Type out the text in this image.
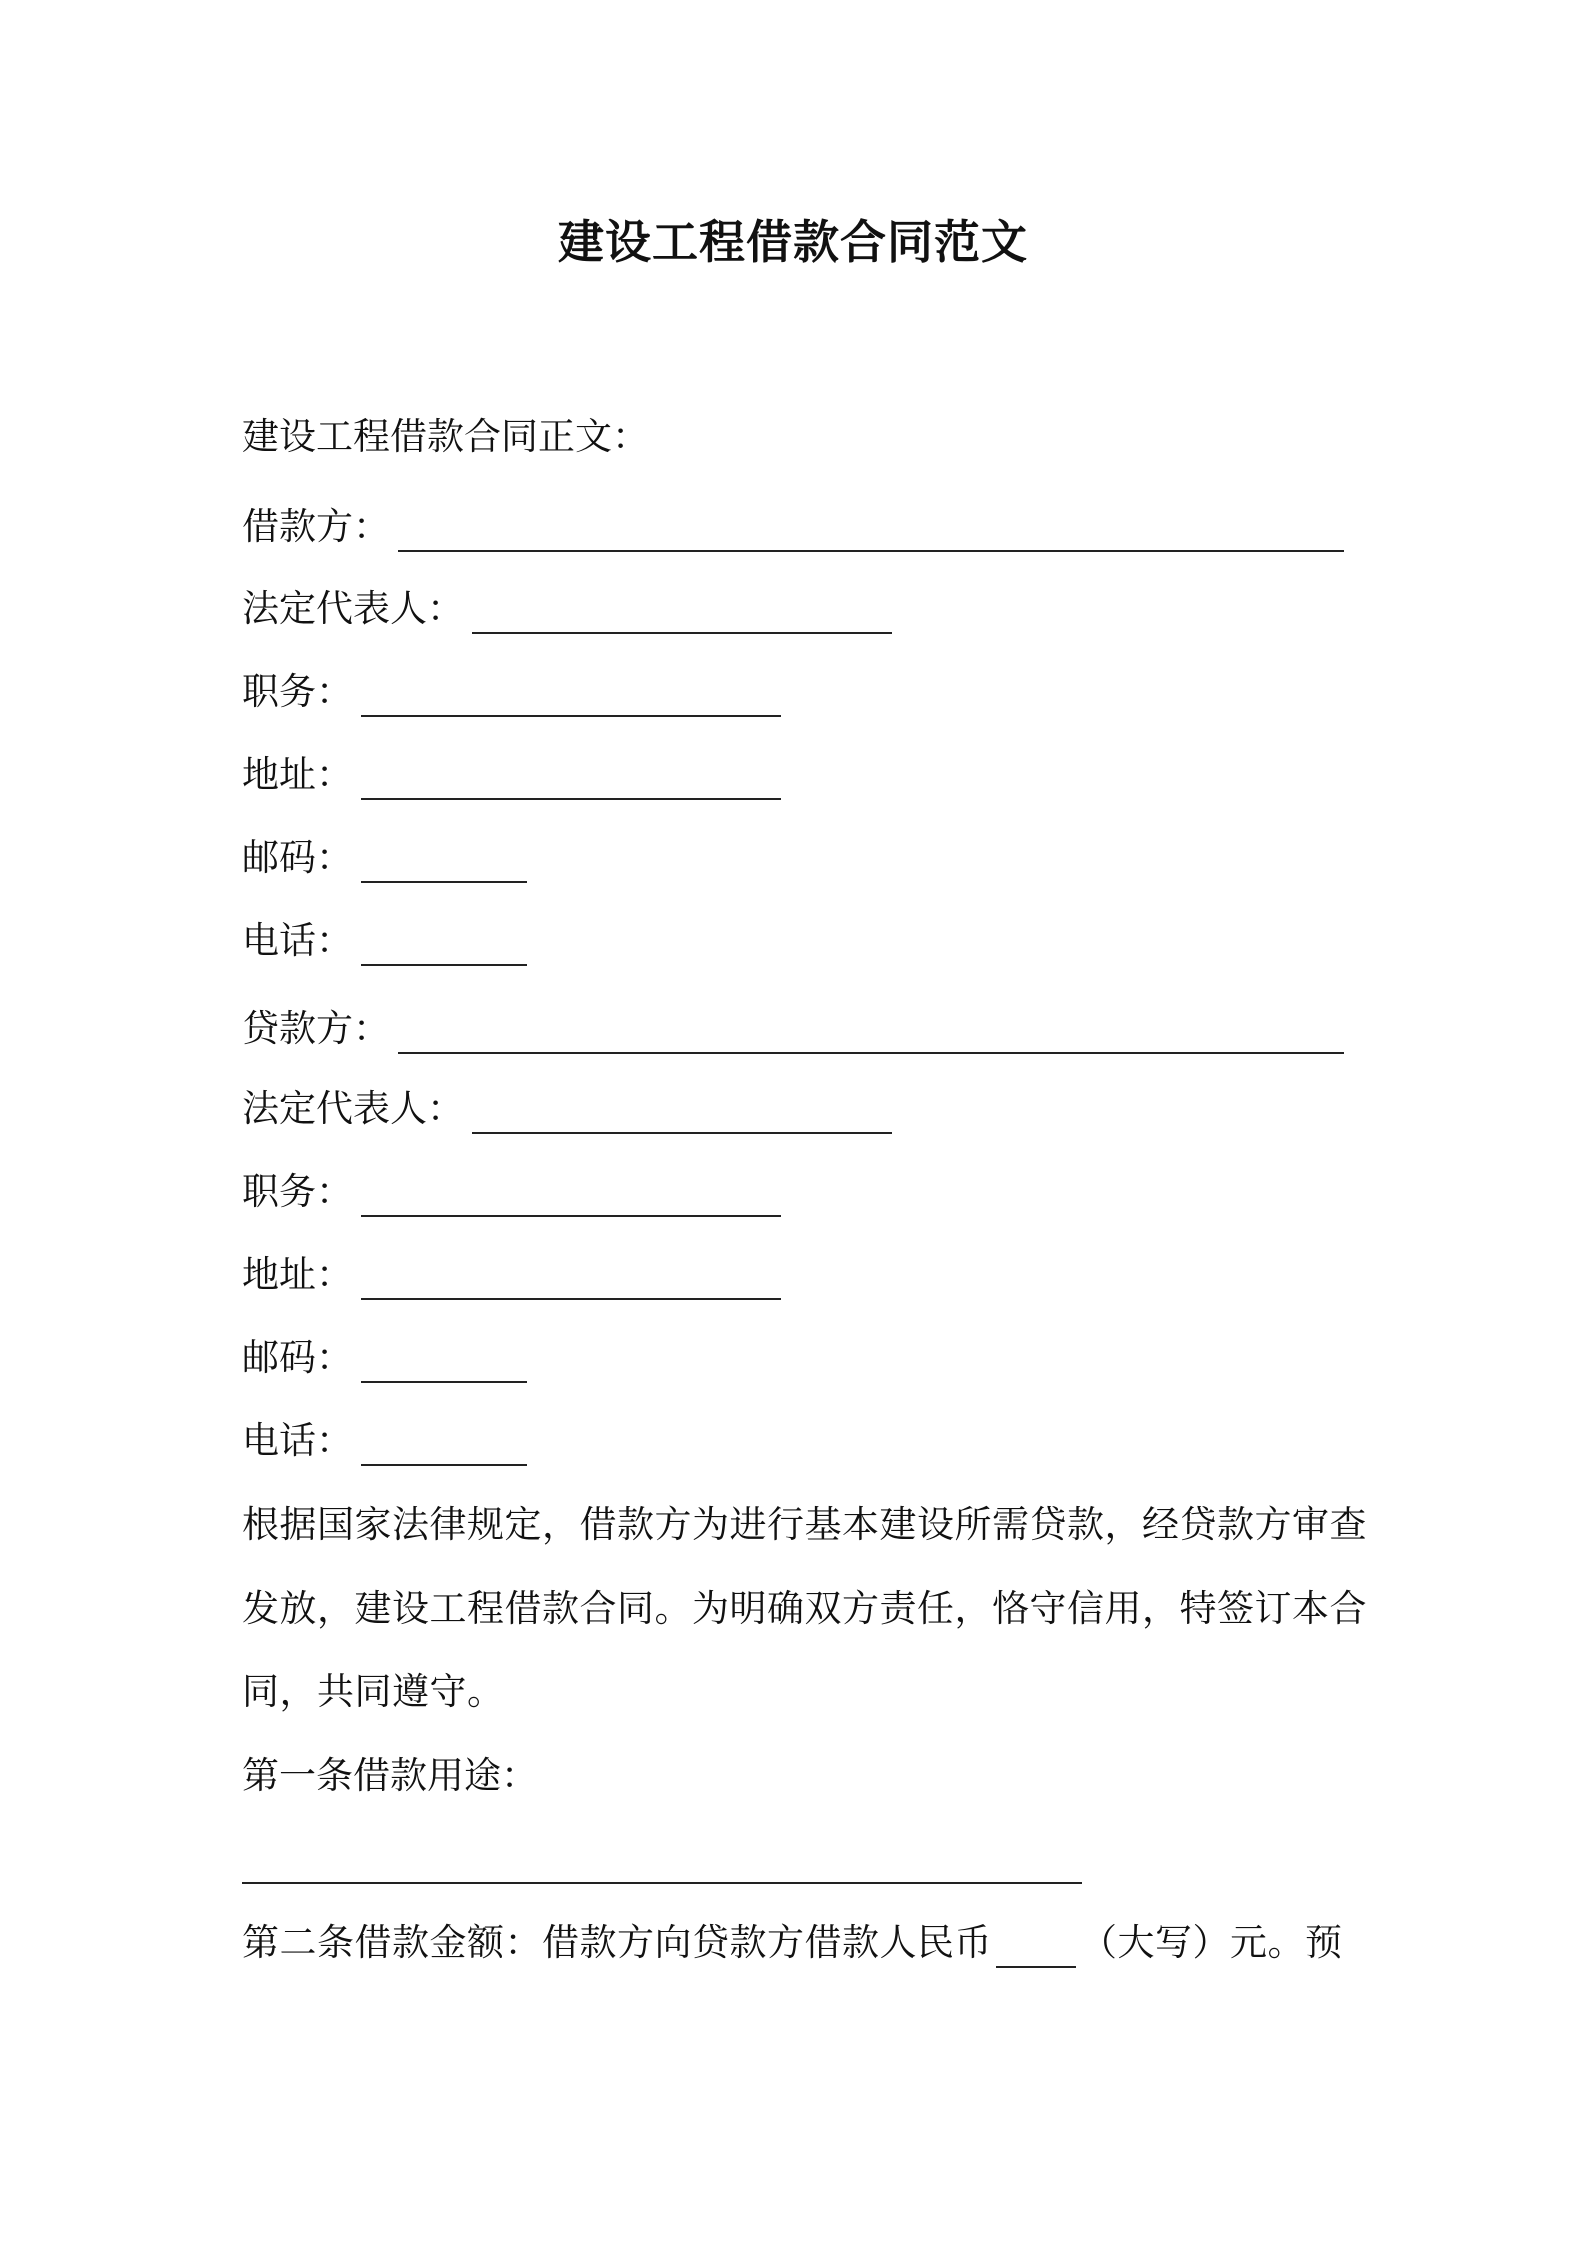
建设工程借款合同范文
建设工程借款合同正文：
借款方：
法定代表人：
职务：
地址：
邮码：
电话：
贷款方：
法定代表人：
职务：
地址：
邮码：
电话：
根据国家法律规定，借款方为进行基本建设所需贷款，经贷款方审查
发放，建设工程借款合同。为明确双方责任，恪守信用，特签订本合
同，共同遵守。
第一条借款用途：
第二条借款金额：借款方向贷款方借款人民币 （大写）元。预
